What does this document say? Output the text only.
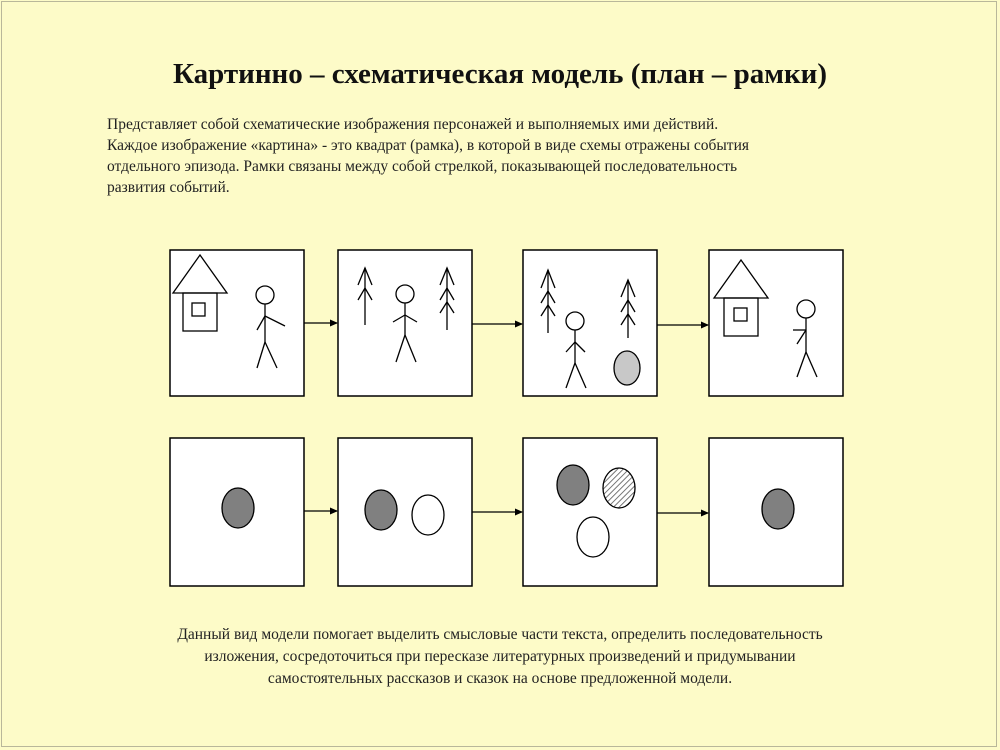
Картинно – схематическая модель (план – рамки)

Представляет собой схематические изображения персонажей и выполняемых ими действий.

Каждое изображение «картина» - это квадрат (рамка), в которой в виде схемы отражены события

отдельного эпизода. Рамки связаны между собой стрелкой, показывающей последовательность

развития событий.

Данный вид модели помогает выделить смысловые части текста, определить последовательность

изложения, сосредоточиться при пересказе литературных произведений и придумывании

самостоятельных рассказов и сказок на основе предложенной модели.
